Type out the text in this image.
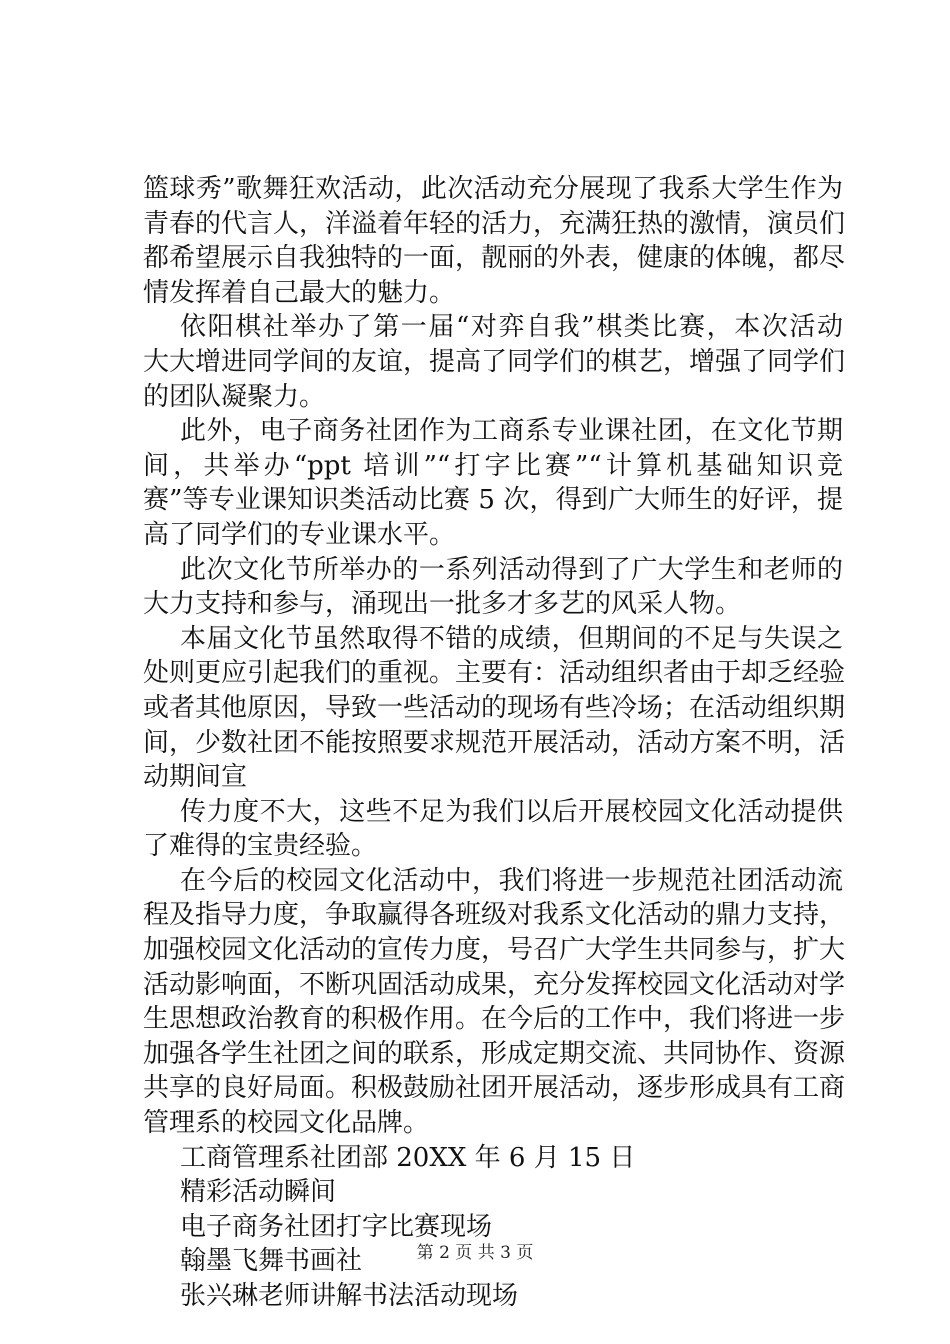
篮球秀”歌舞狂欢活动，此次活动充分展现了我系大学生作为
青春的代言人，洋溢着年轻的活力，充满狂热的激情，演员们
都希望展示自我独特的一面，靓丽的外表，健康的体魄，都尽
情发挥着自己最大的魅力。
依阳棋社举办了第一届“对弈自我”棋类比赛，本次活动
大大增进同学间的友谊，提高了同学们的棋艺，增强了同学们
的团队凝聚力。
此外，电子商务社团作为工商系专业课社团，在文化节期
间，共举办“ppt 培训”“打字比赛”“计算机基础知识竞
赛”等专业课知识类活动比赛 5 次，得到广大师生的好评，提
高了同学们的专业课水平。
此次文化节所举办的一系列活动得到了广大学生和老师的
大力支持和参与，涌现出一批多才多艺的风采人物。
本届文化节虽然取得不错的成绩，但期间的不足与失误之
处则更应引起我们的重视。主要有：活动组织者由于却乏经验
或者其他原因，导致一些活动的现场有些冷场；在活动组织期
间，少数社团不能按照要求规范开展活动，活动方案不明，活
动期间宣
传力度不大，这些不足为我们以后开展校园文化活动提供
了难得的宝贵经验。
在今后的校园文化活动中，我们将进一步规范社团活动流
程及指导力度，争取赢得各班级对我系文化活动的鼎力支持，
加强校园文化活动的宣传力度，号召广大学生共同参与，扩大
活动影响面，不断巩固活动成果，充分发挥校园文化活动对学
生思想政治教育的积极作用。在今后的工作中，我们将进一步
加强各学生社团之间的联系，形成定期交流、共同协作、资源
共享的良好局面。积极鼓励社团开展活动，逐步形成具有工商
管理系的校园文化品牌。
工商管理系社团部 20XX 年 6 月 15 日
精彩活动瞬间
电子商务社团打字比赛现场
翰墨飞舞书画社
张兴琳老师讲解书法活动现场
第 2 页 共 3 页
